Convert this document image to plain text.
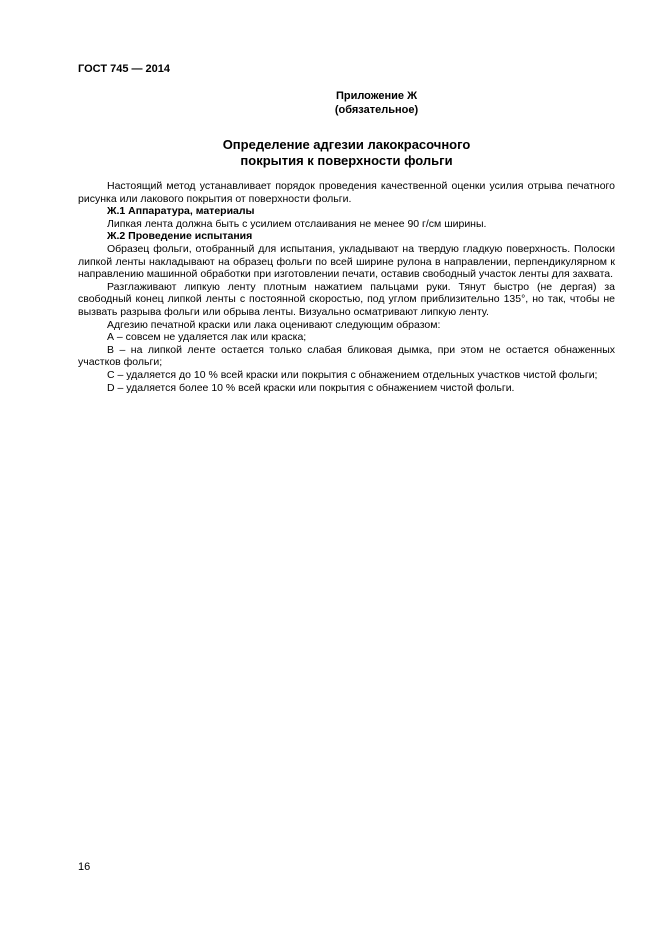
ГОСТ 745 — 2014
Приложение Ж
(обязательное)
Определение адгезии лакокрасочного
покрытия к поверхности фольги

Настоящий метод устанавливает порядок проведения качественной оценки усилия отрыва печатного рисунка или лакового покрытия от поверхности фольги.

Ж.1 Аппаратура, материалы

Липкая лента должна быть с усилием отслаивания не менее 90 г/см ширины.

Ж.2 Проведение испытания

Образец фольги, отобранный для испытания, укладывают на твердую гладкую поверхность. Полоски липкой ленты накладывают на образец фольги по всей ширине рулона в направлении, перпендикулярном к направлению машинной обработки при изготовлении печати, оставив свободный участок ленты для захвата.

Разглаживают липкую ленту плотным нажатием пальцами руки. Тянут быстро (не дергая) за свободный конец липкой ленты с постоянной скоростью, под углом приблизительно 135°, но так, чтобы не вызвать разрыва фольги или обрыва ленты. Визуально осматривают липкую ленту.

Адгезию печатной краски или лака оценивают следующим образом:

А – совсем не удаляется лак или краска;

В – на липкой ленте остается только слабая бликовая дымка, при этом не остается обнаженных участков фольги;

С – удаляется до 10 % всей краски или покрытия с обнажением отдельных участков чистой фольги;

D – удаляется более 10 % всей краски или покрытия с обнажением чистой фольги.

16
